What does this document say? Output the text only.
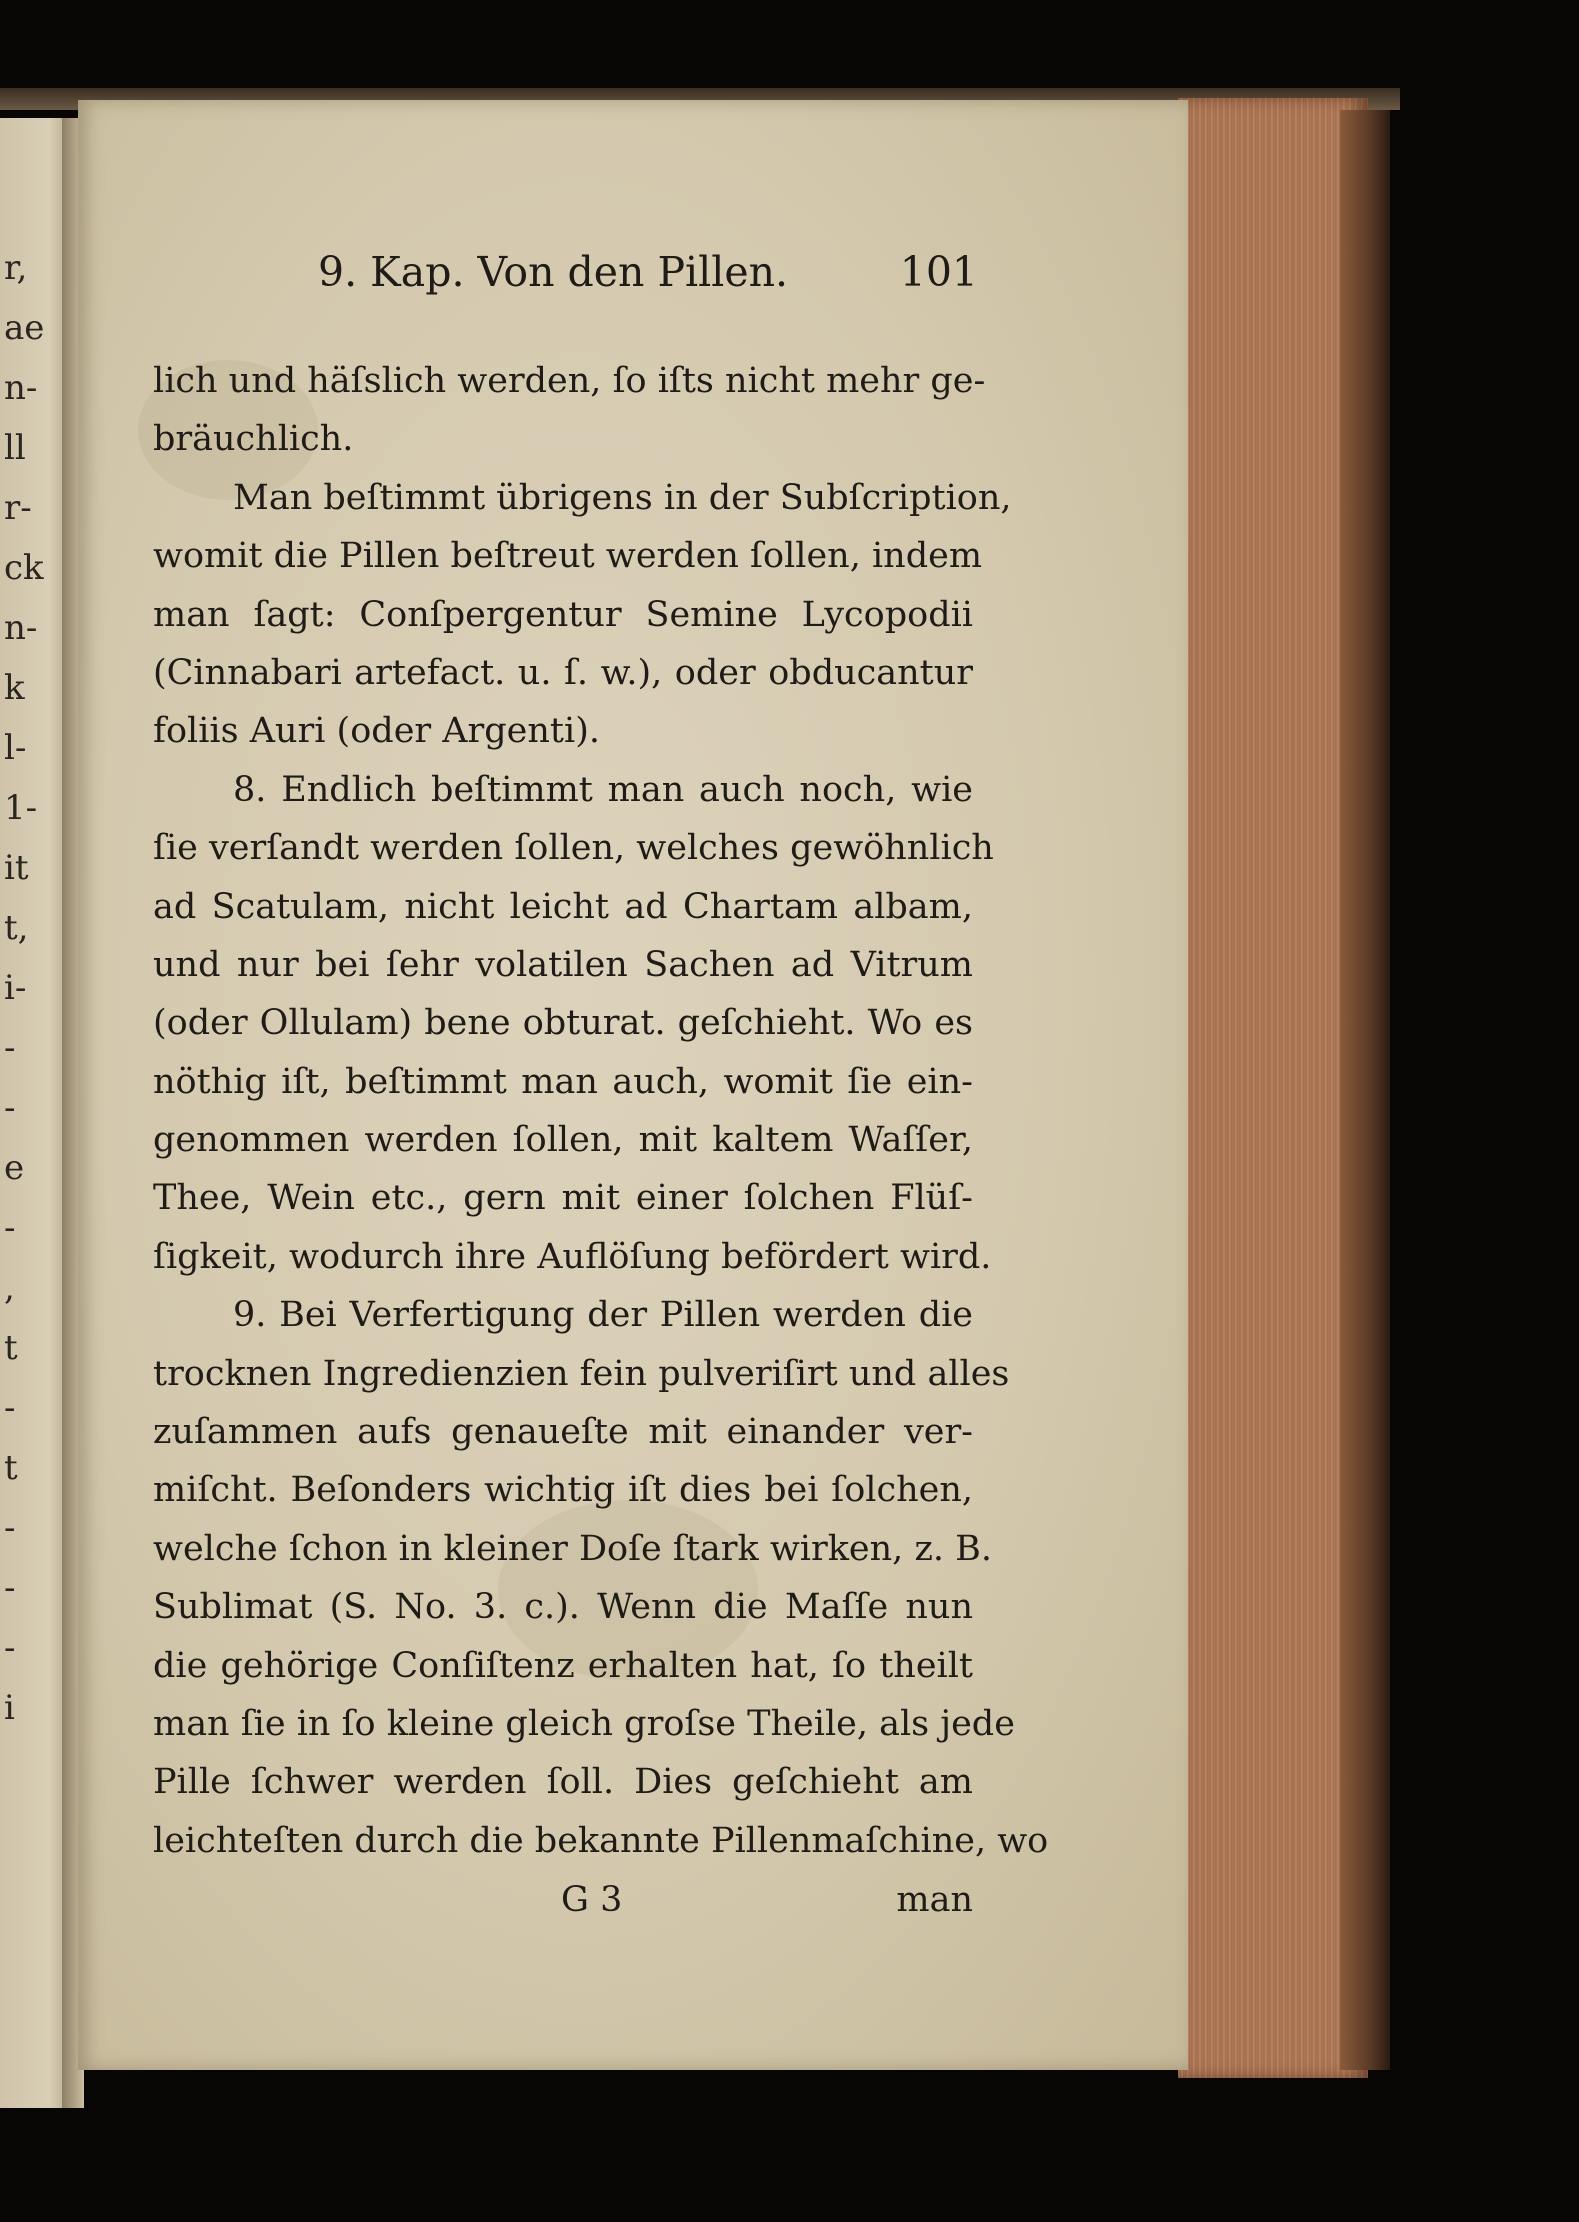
r,
ae
n-
ll
r-
ck
n-
k
l-
1-
it
t,
i-
-
-
e
-
,
t
-
t
-
-
-
i
9. Kap. Von den Pillen.	101
lich und häſslich werden, ſo iſts nicht mehr ge-
bräuchlich.
Man beſtimmt übrigens in der Subſcription,
womit die Pillen beſtreut werden ſollen, indem
man ſagt: Conſpergentur Semine Lycopodii
(Cinnabari artefact. u. ſ. w.), oder obducantur
foliis Auri (oder Argenti).
8. Endlich beſtimmt man auch noch, wie
ſie verſandt werden ſollen, welches gewöhnlich
ad Scatulam, nicht leicht ad Chartam albam,
und nur bei ſehr volatilen Sachen ad Vitrum
(oder Ollulam) bene obturat. geſchieht. Wo es
nöthig iſt, beſtimmt man auch, womit ſie ein-
genommen werden ſollen, mit kaltem Waſſer,
Thee, Wein etc., gern mit einer ſolchen Flüſ-
ſigkeit, wodurch ihre Auflöſung befördert wird.
9. Bei Verfertigung der Pillen werden die
trocknen Ingredienzien fein pulveriſirt und alles
zuſammen aufs genaueſte mit einander ver-
miſcht. Beſonders wichtig iſt dies bei ſolchen,
welche ſchon in kleiner Doſe ſtark wirken, z. B.
Sublimat (S. No. 3. c.). Wenn die Maſſe nun
die gehörige Conſiſtenz erhalten hat, ſo theilt
man ſie in ſo kleine gleich groſse Theile, als jede
Pille ſchwer werden ſoll. Dies geſchieht am
leichteſten durch die bekannte Pillenmaſchine, wo
G 3	man
